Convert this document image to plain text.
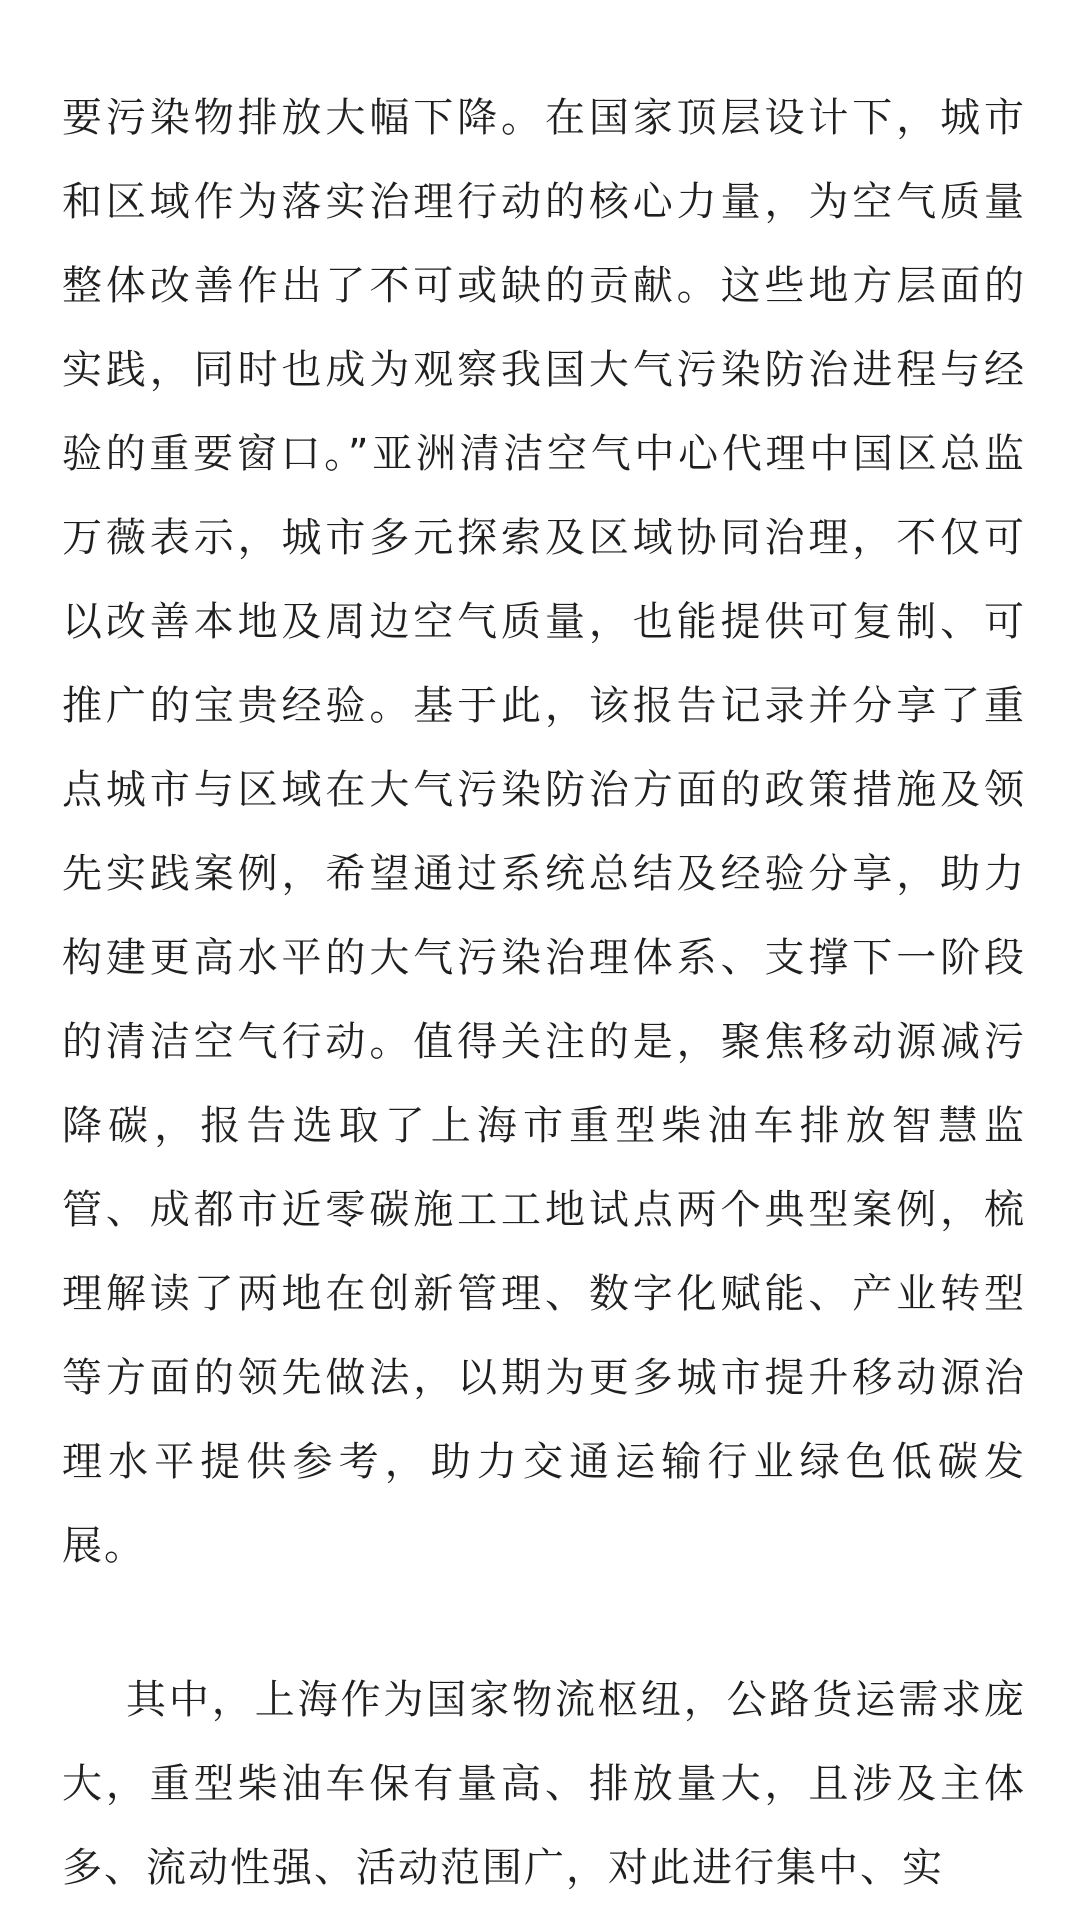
要污染物排放大幅下降。在国家顶层设计下，城市和区域作为落实治理行动的核心力量，为空气质量整体改善作出了不可或缺的贡献。这些地方层面的实践，同时也成为观察我国大气污染防治进程与经验的重要窗口。”亚洲清洁空气中心代理中国区总监万薇表示，城市多元探索及区域协同治理，不仅可以改善本地及周边空气质量，也能提供可复制、可推广的宝贵经验。基于此，该报告记录并分享了重点城市与区域在大气污染防治方面的政策措施及领先实践案例，希望通过系统总结及经验分享，助力构建更高水平的大气污染治理体系、支撑下一阶段的清洁空气行动。值得关注的是，聚焦移动源减污降碳，报告选取了上海市重型柴油车排放智慧监管、成都市近零碳施工工地试点两个典型案例，梳理解读了两地在创新管理、数字化赋能、产业转型等方面的领先做法，以期为更多城市提升移动源治理水平提供参考，助力交通运输行业绿色低碳发展。

其中，上海作为国家物流枢纽，公路货运需求庞大，重型柴油车保有量高、排放量大，且涉及主体多、流动性强、活动范围广，对此进行集中、实
